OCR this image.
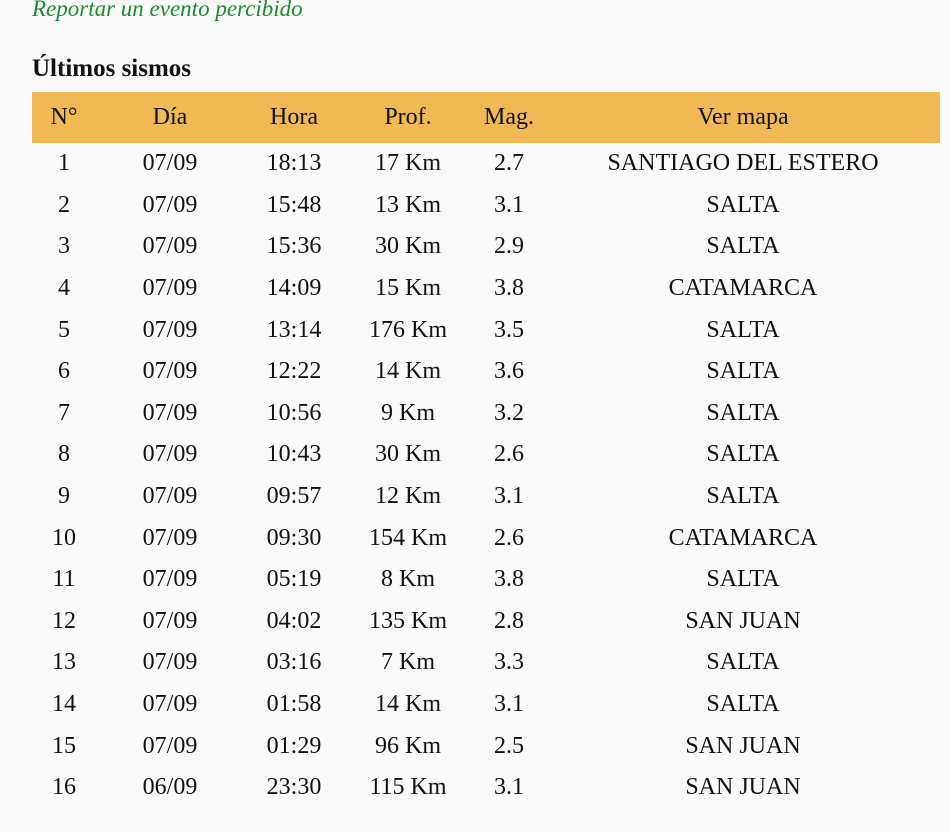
Reportar un evento percibido
Últimos sismos
N°	Día	Hora	Prof.	Mag.	Ver mapa
1	07/09	18:13	17 Km	2.7	SANTIAGO DEL ESTERO
2	07/09	15:48	13 Km	3.1	SALTA
3	07/09	15:36	30 Km	2.9	SALTA
4	07/09	14:09	15 Km	3.8	CATAMARCA
5	07/09	13:14	176 Km	3.5	SALTA
6	07/09	12:22	14 Km	3.6	SALTA
7	07/09	10:56	9 Km	3.2	SALTA
8	07/09	10:43	30 Km	2.6	SALTA
9	07/09	09:57	12 Km	3.1	SALTA
10	07/09	09:30	154 Km	2.6	CATAMARCA
11	07/09	05:19	8 Km	3.8	SALTA
12	07/09	04:02	135 Km	2.8	SAN JUAN
13	07/09	03:16	7 Km	3.3	SALTA
14	07/09	01:58	14 Km	3.1	SALTA
15	07/09	01:29	96 Km	2.5	SAN JUAN
16	06/09	23:30	115 Km	3.1	SAN JUAN
